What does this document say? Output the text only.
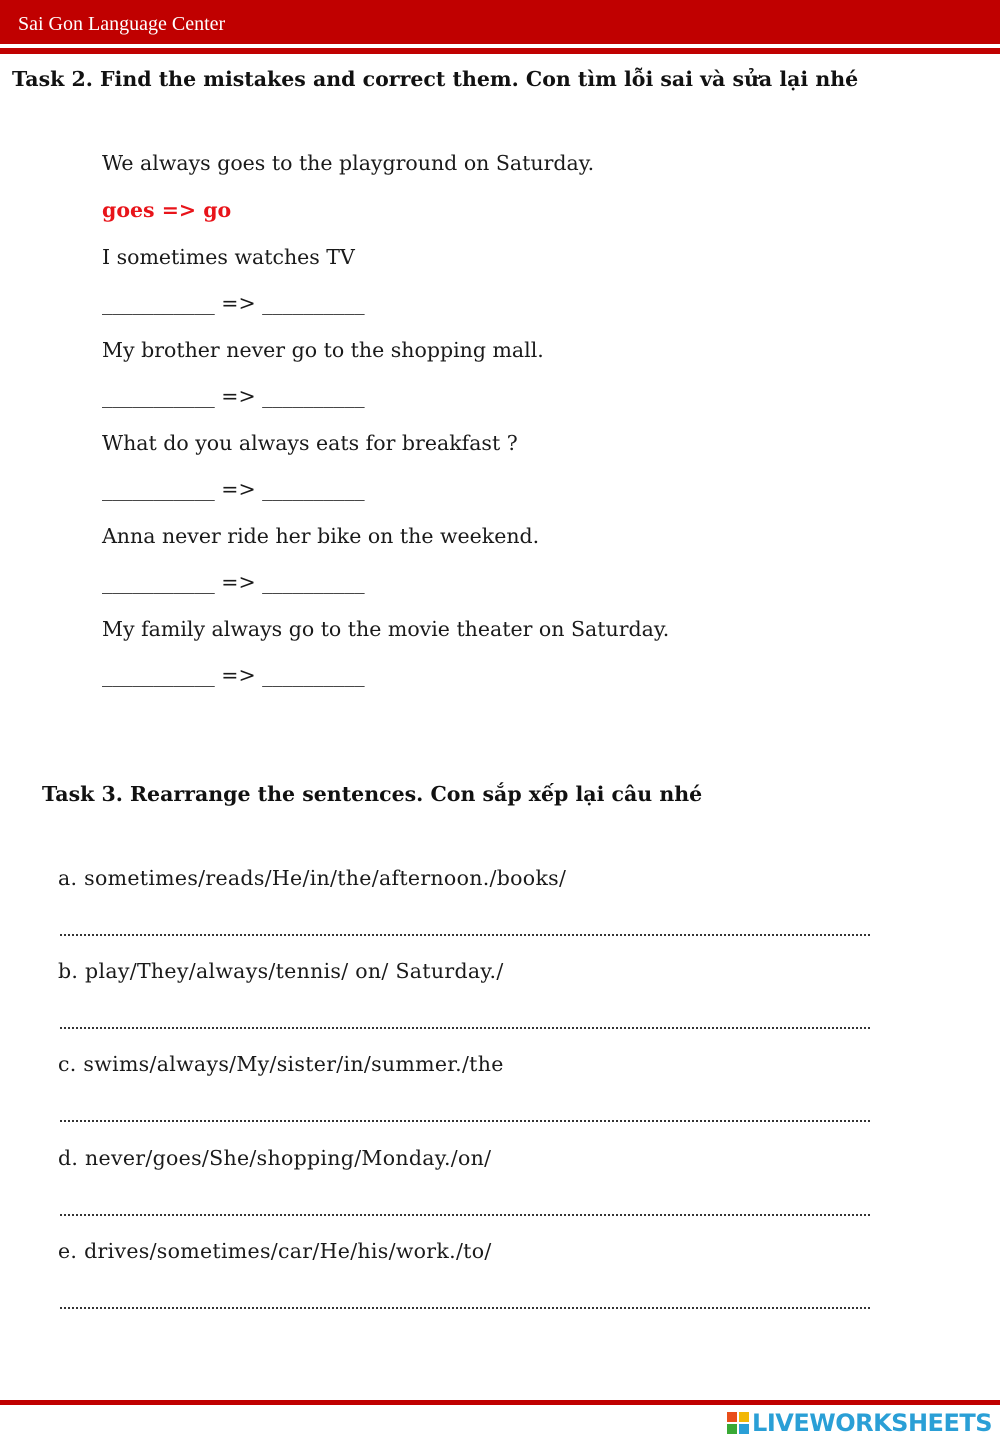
Sai Gon Language Center
Task 2. Find the mistakes and correct them. Con tìm lỗi sai và sửa lại nhé
We always goes to the playground on Saturday.
goes => go
I sometimes watches TV
___________ => __________
My brother never go to the shopping mall.
___________ => __________
What do you always eats for breakfast ?
___________ => __________
Anna never ride her bike on the weekend.
___________ => __________
My family always go to the movie theater on Saturday.
___________ => __________
Task 3. Rearrange the sentences. Con sắp xếp lại câu nhé
a. sometimes/reads/He/in/the/afternoon./books/
b. play/They/always/tennis/ on/ Saturday./
c. swims/always/My/sister/in/summer./the
d. never/goes/She/shopping/Monday./on/
e. drives/sometimes/car/He/his/work./to/
LIVEWORKSHEETS
